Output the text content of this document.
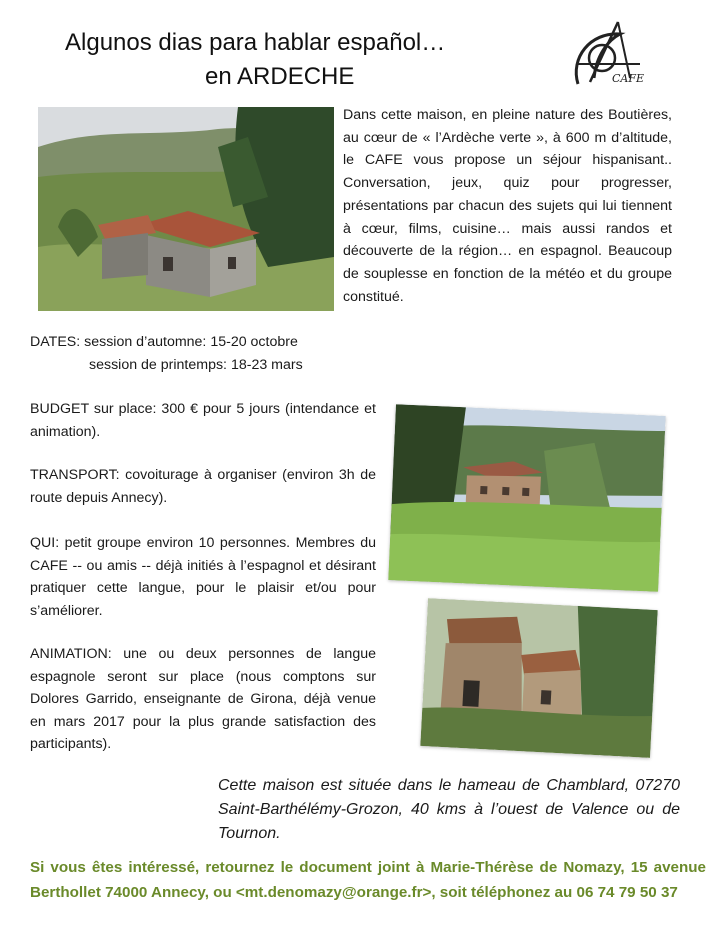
Algunos dias para hablar español…
en ARDECHE	CAFE
Dans cette maison, en pleine nature des Boutières, au cœur de « l’Ardèche verte », à 600 m d’altitude, le CAFE vous propose un séjour hispanisant.. Conversation, jeux, quiz pour progresser, présentations par chacun des sujets qui lui tiennent à cœur, films, cuisine… mais aussi randos et découverte de la région… en espagnol. Beaucoup de souplesse en fonction de la météo et du groupe constitué.
DATES: session d’automne: 15-20 octobre
session de printemps: 18-23 mars
BUDGET sur place: 300 € pour 5 jours (intendance et animation).
TRANSPORT: covoiturage à organiser (environ 3h de route depuis Annecy).
QUI: petit groupe environ 10 personnes. Membres du CAFE -- ou amis -- déjà initiés à l’espagnol et désirant pratiquer cette langue, pour le plaisir et/ou pour s’améliorer.
ANIMATION: une ou deux personnes de langue espagnole seront sur place (nous comptons sur Dolores Garrido, enseignante de Girona, déjà venue en mars 2017 pour la plus grande satisfaction des participants).
Cette maison est située dans le hameau de Chamblard, 07270 Saint-Barthélémy-Grozon, 40 kms à l’ouest de Valence ou de Tournon.
Si vous êtes intéressé, retournez le document joint à Marie-Thérèse de Nomazy, 15 avenue Berthollet 74000 Annecy, ou <mt.denomazy@orange.fr>, soit téléphonez au 06 74 79 50 37
